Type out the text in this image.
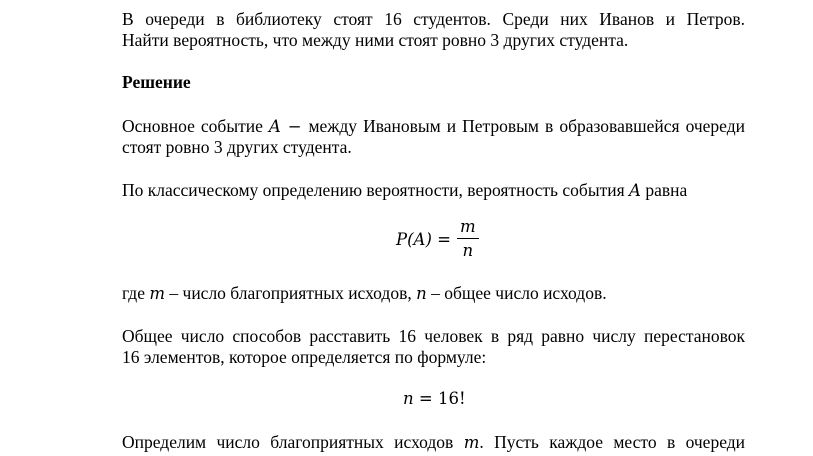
В очереди в библиотеку стоят 16 студентов. Среди них Иванов и Петров.
Найти вероятность, что между ними стоят ровно 3 других студента.

Решение

Основное событие A − между Ивановым и Петровым в образовавшейся очереди стоят ровно 3 других студента.

По классическому определению вероятности, вероятность события A равна

$P(A) = \frac{m}{n}$

где m – число благоприятных исходов, n – общее число исходов.

Общее число способов расставить 16 человек в ряд равно числу перестановок
16 элементов, которое определяется по формуле:

n = 16!

Определим число благоприятных исходов m. Пусть каждое место в очереди
